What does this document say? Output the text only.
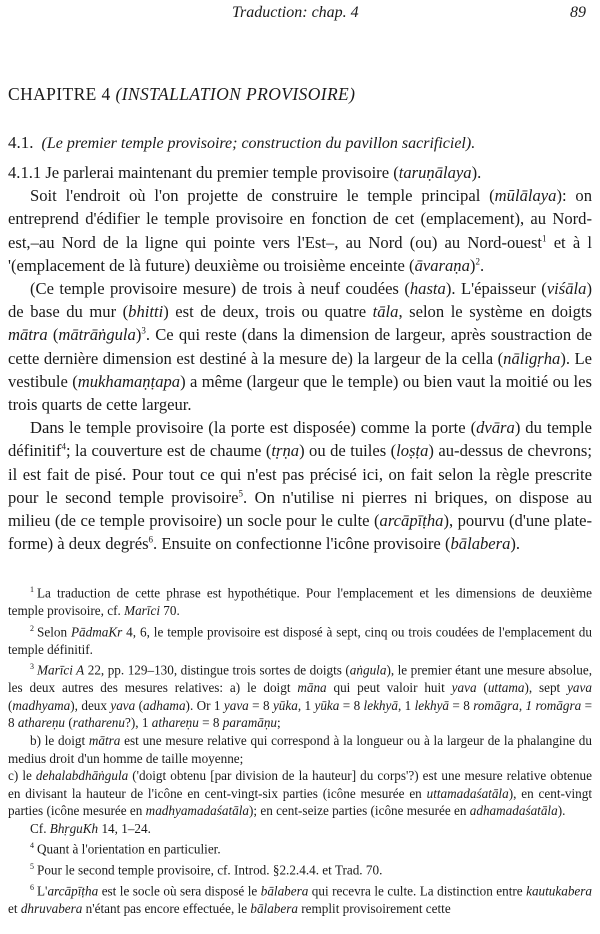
Traduction: chap. 4	89
CHAPITRE 4 (INSTALLATION PROVISOIRE)
4.1. (Le premier temple provisoire; construction du pavillon sacrificiel).

4.1.1 Je parlerai maintenant du premier temple provisoire (taruṇālaya).

Soit l'endroit où l'on projette de construire le temple principal (mūlālaya): on entreprend d'édifier le temple provisoire en fonction de cet (emplacement), au Nord-est,–au Nord de la ligne qui pointe vers l'Est–, au Nord (ou) au Nord-ouest$^1$ et à l '(emplacement de là future) deuxième ou troisième enceinte (āvaraṇa)$^2$.

(Ce temple provisoire mesure) de trois à neuf coudées (hasta). L'épaisseur (viśāla) de base du mur (bhitti) est de deux, trois ou quatre tāla, selon le système en doigts mātra (mātrāṅgula)$^3$. Ce qui reste (dans la dimension de largeur, après soustraction de cette dernière dimension est destiné à la mesure de) la largeur de la cella (nāligṛha). Le vestibule (mukhamaṇṭapa) a même (largeur que le temple) ou bien vaut la moitié ou les trois quarts de cette largeur.

Dans le temple provisoire (la porte est disposée) comme la porte (dvāra) du temple définitif$^4$; la couverture est de chaume (tṛṇa) ou de tuiles (loṣṭa) au-dessus de chevrons; il est fait de pisé. Pour tout ce qui n'est pas précisé ici, on fait selon la règle prescrite pour le second temple provisoire$^5$. On n'utilise ni pierres ni briques, on dispose au milieu (de ce temple provisoire) un socle pour le culte (arcāpīṭha), pourvu (d'une plate-forme) à deux degrés$^6$. Ensuite on confectionne l'icône provisoire (bālabera).

$^1$ La traduction de cette phrase est hypothétique. Pour l'emplacement et les dimensions de deuxième temple provisoire, cf. Marīci 70.

$^2$ Selon PādmaKr 4, 6, le temple provisoire est disposé à sept, cinq ou trois coudées de l'emplacement du temple définitif.

$^3$ Marīci A 22, pp. 129–130, distingue trois sortes de doigts (aṅgula), le premier étant une mesure absolue, les deux autres des mesures relatives: a) le doigt māna qui peut valoir huit yava (uttama), sept yava (madhyama), deux yava (adhama). Or 1 yava = 8 yūka, 1 yūka = 8 lekhyā, 1 lekhyā = 8 romāgra, 1 romāgra = 8 athareṇu (ratharenu?), 1 athareṇu = 8 paramāṇu;

b) le doigt mātra est une mesure relative qui correspond à la longueur ou à la largeur de la phalangine du medius droit d'un homme de taille moyenne;

c) le dehalabdhāṅgula ('doigt obtenu [par division de la hauteur] du corps'?) est une mesure relative obtenue en divisant la hauteur de l'icône en cent-vingt-six parties (icône mesurée en uttamadaśatāla), en cent-vingt parties (icône mesurée en madhyamadaśatāla); en cent-seize parties (icône mesurée en adhamadaśatāla).

Cf. BhṛguKh 14, 1–24.

$^4$ Quant à l'orientation en particulier.

$^5$ Pour le second temple provisoire, cf. Introd. §2.2.4.4. et Trad. 70.

$^6$ L'arcāpīṭha est le socle où sera disposé le bālabera qui recevra le culte. La distinction entre kautukabera et dhruvabera n'étant pas encore effectuée, le bālabera remplit provisoirement cette
